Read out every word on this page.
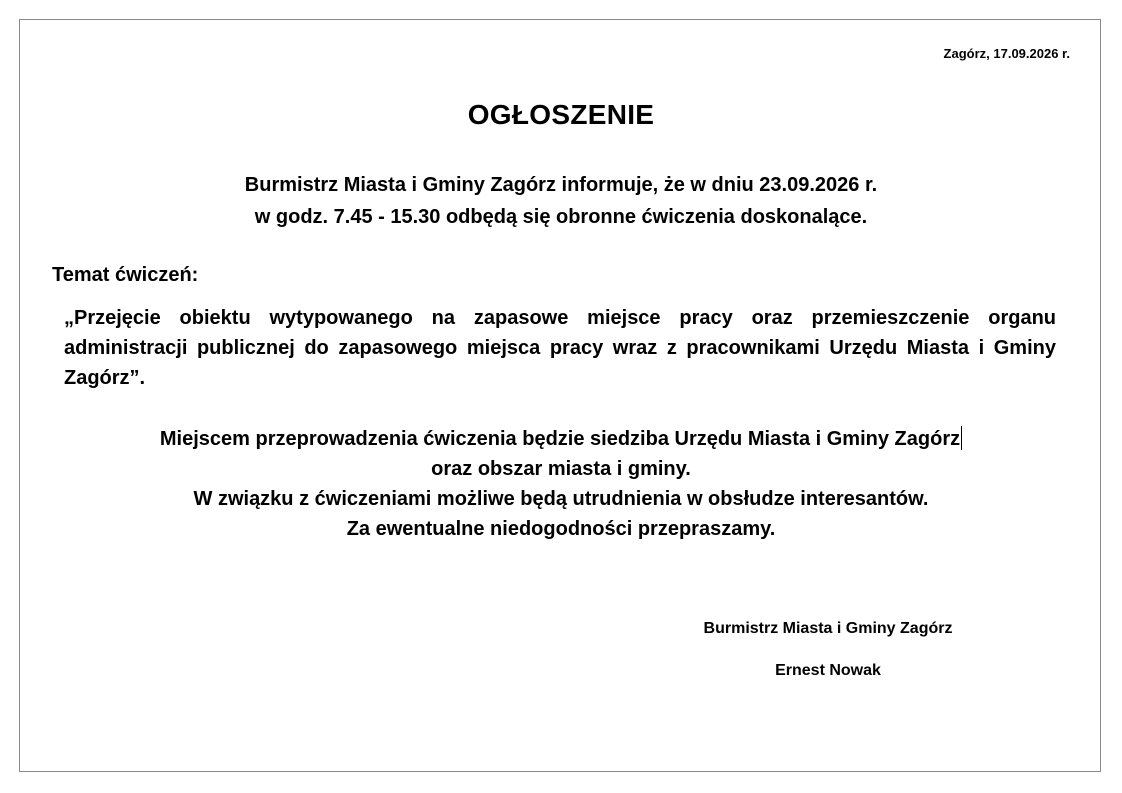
Zagórz, 17.09.2026 r.
OGŁOSZENIE
Burmistrz Miasta i Gminy Zagórz informuje, że w dniu 23.09.2026 r.
w godz. 7.45 - 15.30 odbędą się obronne ćwiczenia doskonalące.
Temat ćwiczeń:
„Przejęcie obiektu wytypowanego na zapasowe miejsce pracy oraz przemieszczenie organu administracji publicznej do zapasowego miejsca pracy wraz z pracownikami Urzędu Miasta i Gminy Zagórz”.
Miejscem przeprowadzenia ćwiczenia będzie siedziba Urzędu Miasta i Gminy Zagórz
oraz obszar miasta i gminy.
W związku z ćwiczeniami możliwe będą utrudnienia w obsłudze interesantów.
Za ewentualne niedogodności przepraszamy.
Burmistrz Miasta i Gminy Zagórz
Ernest Nowak
